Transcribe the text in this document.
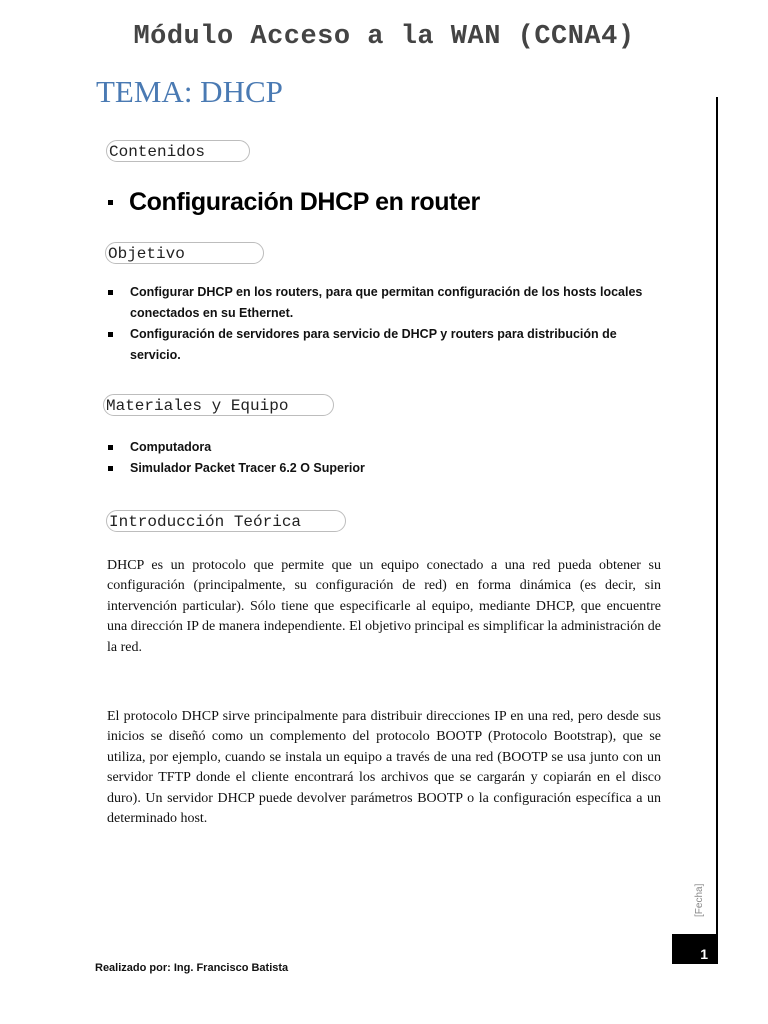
Módulo Acceso a la WAN (CCNA4)
TEMA: DHCP
Contenidos
Configuración DHCP en router
Objetivo
Configurar DHCP en los routers, para que permitan configuración de los hosts locales conectados en su Ethernet.
Configuración de servidores para servicio de DHCP y routers para distribución de servicio.
Materiales y Equipo
Computadora
Simulador Packet Tracer 6.2 O Superior
Introducción Teórica

DHCP es un protocolo que permite que un equipo conectado a una red pueda obtener su configuración (principalmente, su configuración de red) en forma dinámica (es decir, sin intervención particular). Sólo tiene que especificarle al equipo, mediante DHCP, que encuentre una dirección IP de manera independiente. El objetivo principal es simplificar la administración de la red.

El protocolo DHCP sirve principalmente para distribuir direcciones IP en una red, pero desde sus inicios se diseñó como un complemento del protocolo BOOTP (Protocolo Bootstrap), que se utiliza, por ejemplo, cuando se instala un equipo a través de una red (BOOTP se usa junto con un servidor TFTP donde el cliente encontrará los archivos que se cargarán y copiarán en el disco duro). Un servidor DHCP puede devolver parámetros BOOTP o la configuración específica a un determinado host.

[Fecha]
1
Realizado por: Ing. Francisco Batista
